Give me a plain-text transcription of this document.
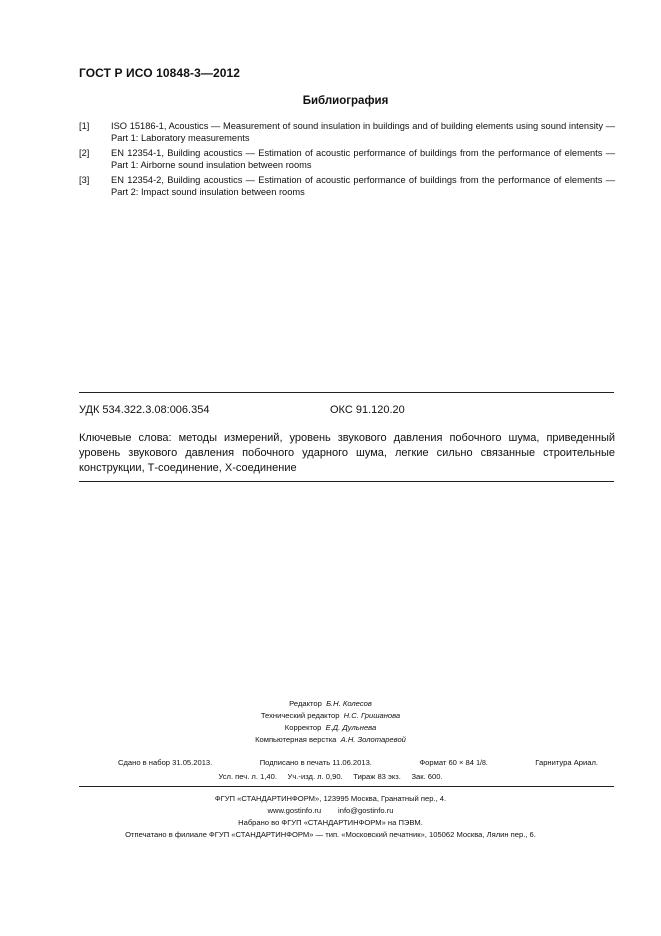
ГОСТ Р ИСО 10848-3—2012
Библиография
[1]	ISO 15186-1, Acoustics — Measurement of sound insulation in buildings and of building elements using sound intensity — Part 1: Laboratory measurements
[2]	EN 12354-1, Building acoustics — Estimation of acoustic performance of buildings from the performance of elements — Part 1: Airborne sound insulation between rooms
[3]	EN 12354-2, Building acoustics — Estimation of acoustic performance of buildings from the performance of elements — Part 2: Impact sound insulation between rooms
УДК 534.322.3.08:006.354	ОКС 91.120.20
Ключевые слова: методы измерений, уровень звукового давления побочного шума, приведенный уровень звукового давления побочного ударного шума, легкие сильно связанные строительные конструкции, Т-соединение, Х-соединение
Редактор Б.Н. Колесов
Технический редактор Н.С. Гришанова
Корректор Е.Д. Дульнева
Компьютерная верстка А.Н. Золотаревой
Сдано в набор 31.05.2013.	Подписано в печать 11.06.2013.	Формат 60 × 84 1/8.	Гарнитура Ариал.
Усл. печ. л. 1,40. Уч.-изд. л. 0,90. Тираж 83 экз. Зак. 600.
ФГУП «СТАНДАРТИНФОРМ», 123995 Москва, Гранатный пер., 4.
www.gostinfo.ru info@gostinfo.ru
Набрано во ФГУП «СТАНДАРТИНФОРМ» на ПЭВМ.
Отпечатано в филиале ФГУП «СТАНДАРТИНФОРМ» — тип. «Московский печатник», 105062 Москва, Лялин пер., 6.
